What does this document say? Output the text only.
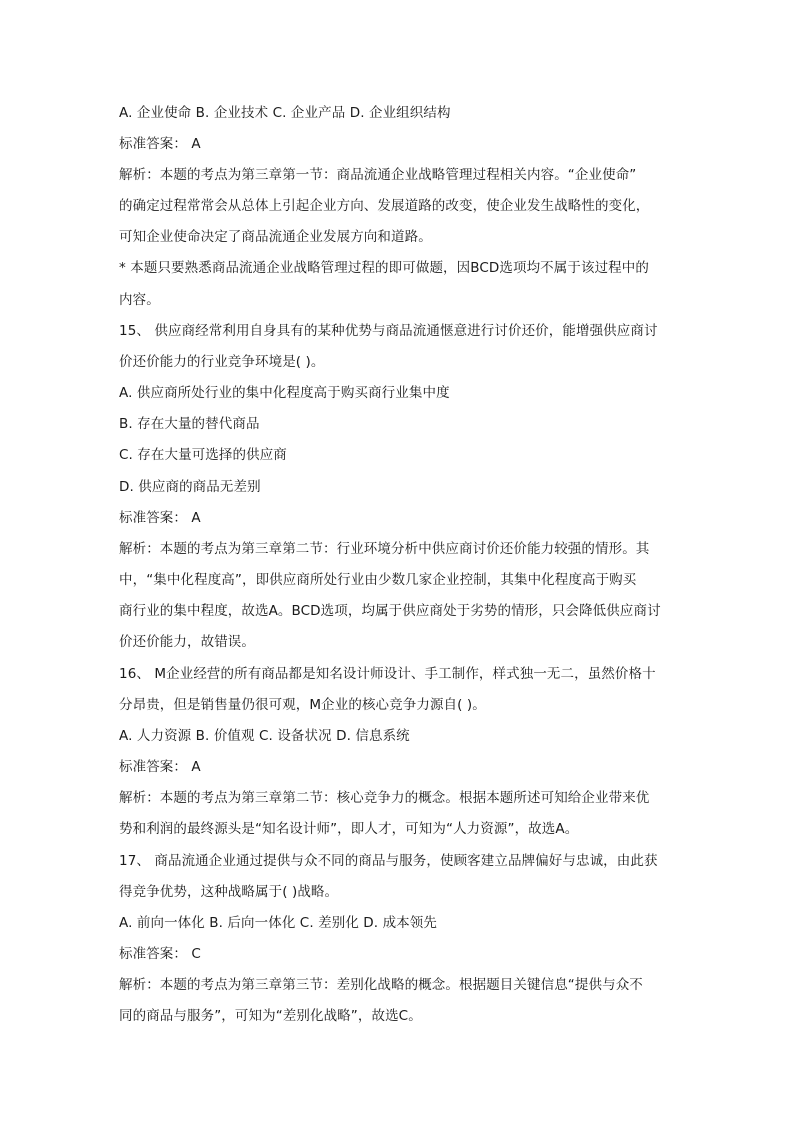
A. 企业使命 B. 企业技术 C. 企业产品 D. 企业组织结构
标准答案： A
解析：本题的考点为第三章第一节：商品流通企业战略管理过程相关内容。“企业使命”
的确定过程常常会从总体上引起企业方向、发展道路的改变，使企业发生战略性的变化，
可知企业使命决定了商品流通企业发展方向和道路。
* 本题只要熟悉商品流通企业战略管理过程的即可做题，因BCD选项均不属于该过程中的
内容。
15、 供应商经常利用自身具有的某种优势与商品流通惬意进行讨价还价，能增强供应商讨
价还价能力的行业竞争环境是( )。
A. 供应商所处行业的集中化程度高于购买商行业集中度
B. 存在大量的替代商品
C. 存在大量可选择的供应商
D. 供应商的商品无差别
标准答案： A
解析：本题的考点为第三章第二节：行业环境分析中供应商讨价还价能力较强的情形。其
中，“集中化程度高”，即供应商所处行业由少数几家企业控制，其集中化程度高于购买
商行业的集中程度，故选A。BCD选项，均属于供应商处于劣势的情形，只会降低供应商讨
价还价能力，故错误。
16、 M企业经营的所有商品都是知名设计师设计、手工制作，样式独一无二，虽然价格十
分昂贵，但是销售量仍很可观，M企业的核心竞争力源自( )。
A. 人力资源 B. 价值观 C. 设备状况 D. 信息系统
标准答案： A
解析：本题的考点为第三章第二节：核心竞争力的概念。根据本题所述可知给企业带来优
势和利润的最终源头是“知名设计师”，即人才，可知为“人力资源”，故选A。
17、 商品流通企业通过提供与众不同的商品与服务，使顾客建立品牌偏好与忠诚，由此获
得竞争优势，这种战略属于( )战略。
A. 前向一体化 B. 后向一体化 C. 差别化 D. 成本领先
标准答案： C
解析：本题的考点为第三章第三节：差别化战略的概念。根据题目关键信息“提供与众不
同的商品与服务”，可知为“差别化战略”，故选C。
